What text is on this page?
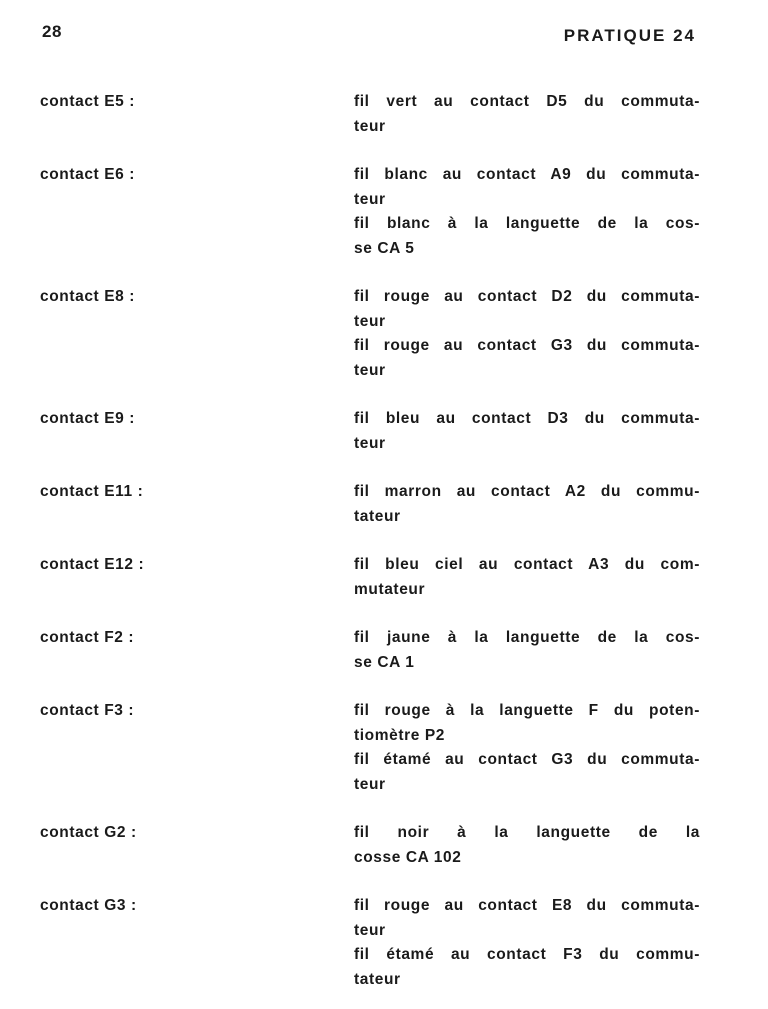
28	PRATIQUE 24
contact E5 :	fil vert au contact D5 du commuta-
teur
contact E6 :	fil blanc au contact A9 du commuta-
teur
fil blanc à la languette de la cos-
se CA 5
contact E8 :	fil rouge au contact D2 du commuta-
teur
fil rouge au contact G3 du commuta-
teur
contact E9 :	fil bleu au contact D3 du commuta-
teur
contact E11 :	fil marron au contact A2 du commu-
tateur
contact E12 :	fil bleu ciel au contact A3 du com-
mutateur
contact F2 :	fil jaune à la languette de la cos-
se CA 1
contact F3 :	fil rouge à la languette F du poten-
tiomètre P2
fil étamé au contact G3 du commuta-
teur
contact G2 :	fil noir à la languette de la
cosse CA 102
contact G3 :	fil rouge au contact E8 du commuta-
teur
fil étamé au contact F3 du commu-
tateur
